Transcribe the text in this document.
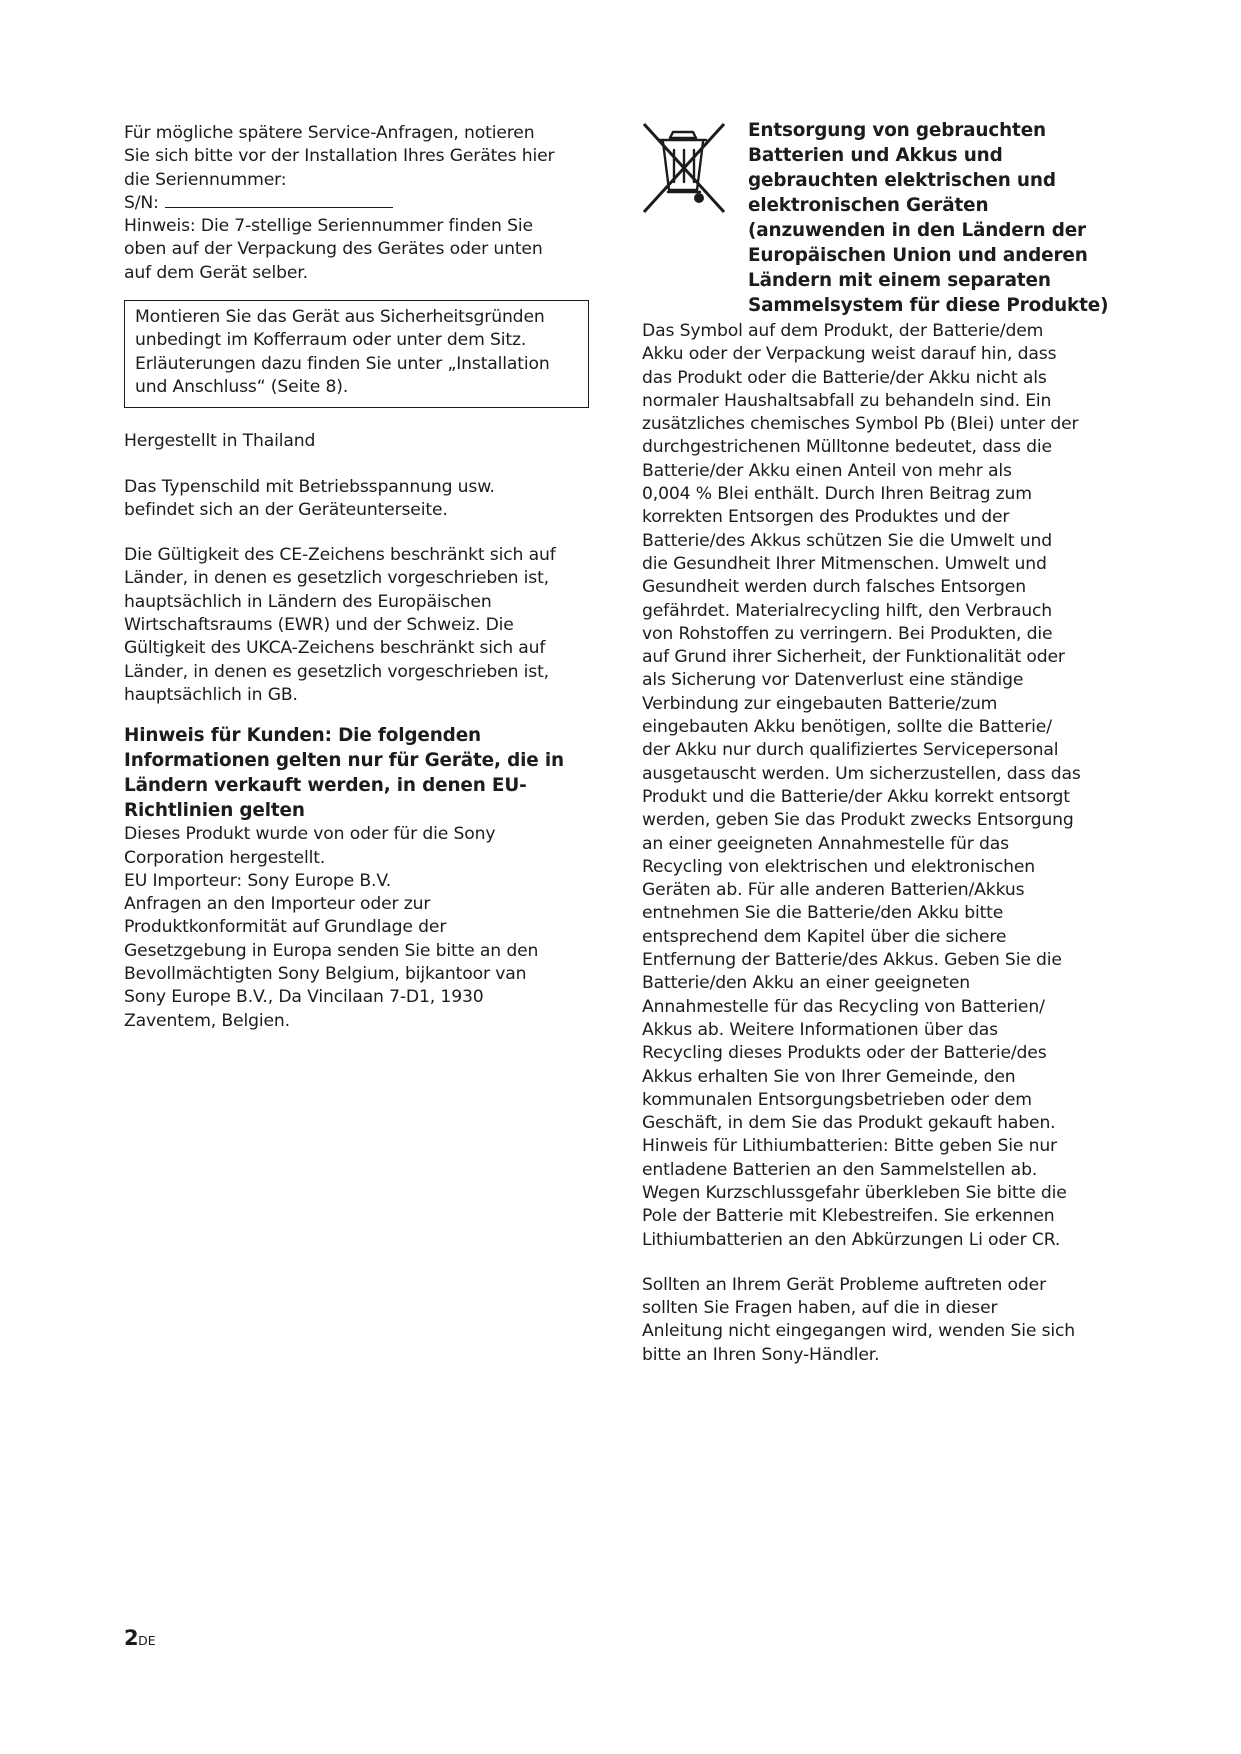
Für mögliche spätere Service-Anfragen, notieren
Sie sich bitte vor der Installation Ihres Gerätes hier
die Seriennummer:
S/N:
Hinweis: Die 7-stellige Seriennummer finden Sie
oben auf der Verpackung des Gerätes oder unten
auf dem Gerät selber.
Montieren Sie das Gerät aus Sicherheitsgründen
unbedingt im Kofferraum oder unter dem Sitz.
Erläuterungen dazu finden Sie unter „Installation
und Anschluss“ (Seite 8).
Hergestellt in Thailand
Das Typenschild mit Betriebsspannung usw.
befindet sich an der Geräteunterseite.
Die Gültigkeit des CE-Zeichens beschränkt sich auf
Länder, in denen es gesetzlich vorgeschrieben ist,
hauptsächlich in Ländern des Europäischen
Wirtschaftsraums (EWR) und der Schweiz. Die
Gültigkeit des UKCA-Zeichens beschränkt sich auf
Länder, in denen es gesetzlich vorgeschrieben ist,
hauptsächlich in GB.
Hinweis für Kunden: Die folgenden
Informationen gelten nur für Geräte, die in
Ländern verkauft werden, in denen EU-
Richtlinien gelten
Dieses Produkt wurde von oder für die Sony
Corporation hergestellt.
EU Importeur: Sony Europe B.V.
Anfragen an den Importeur oder zur
Produktkonformität auf Grundlage der
Gesetzgebung in Europa senden Sie bitte an den
Bevollmächtigten Sony Belgium, bijkantoor van
Sony Europe B.V., Da Vincilaan 7-D1, 1930
Zaventem, Belgien.
Entsorgung von gebrauchten
Batterien und Akkus und
gebrauchten elektrischen und
elektronischen Geräten
(anzuwenden in den Ländern der
Europäischen Union und anderen
Ländern mit einem separaten
Sammelsystem für diese Produkte)
Das Symbol auf dem Produkt, der Batterie/dem
Akku oder der Verpackung weist darauf hin, dass
das Produkt oder die Batterie/der Akku nicht als
normaler Haushaltsabfall zu behandeln sind. Ein
zusätzliches chemisches Symbol Pb (Blei) unter der
durchgestrichenen Mülltonne bedeutet, dass die
Batterie/der Akku einen Anteil von mehr als
0,004 % Blei enthält. Durch Ihren Beitrag zum
korrekten Entsorgen des Produktes und der
Batterie/des Akkus schützen Sie die Umwelt und
die Gesundheit Ihrer Mitmenschen. Umwelt und
Gesundheit werden durch falsches Entsorgen
gefährdet. Materialrecycling hilft, den Verbrauch
von Rohstoffen zu verringern. Bei Produkten, die
auf Grund ihrer Sicherheit, der Funktionalität oder
als Sicherung vor Datenverlust eine ständige
Verbindung zur eingebauten Batterie/zum
eingebauten Akku benötigen, sollte die Batterie/
der Akku nur durch qualifiziertes Servicepersonal
ausgetauscht werden. Um sicherzustellen, dass das
Produkt und die Batterie/der Akku korrekt entsorgt
werden, geben Sie das Produkt zwecks Entsorgung
an einer geeigneten Annahmestelle für das
Recycling von elektrischen und elektronischen
Geräten ab. Für alle anderen Batterien/Akkus
entnehmen Sie die Batterie/den Akku bitte
entsprechend dem Kapitel über die sichere
Entfernung der Batterie/des Akkus. Geben Sie die
Batterie/den Akku an einer geeigneten
Annahmestelle für das Recycling von Batterien/
Akkus ab. Weitere Informationen über das
Recycling dieses Produkts oder der Batterie/des
Akkus erhalten Sie von Ihrer Gemeinde, den
kommunalen Entsorgungsbetrieben oder dem
Geschäft, in dem Sie das Produkt gekauft haben.
Hinweis für Lithiumbatterien: Bitte geben Sie nur
entladene Batterien an den Sammelstellen ab.
Wegen Kurzschlussgefahr überkleben Sie bitte die
Pole der Batterie mit Klebestreifen. Sie erkennen
Lithiumbatterien an den Abkürzungen Li oder CR.
Sollten an Ihrem Gerät Probleme auftreten oder
sollten Sie Fragen haben, auf die in dieser
Anleitung nicht eingegangen wird, wenden Sie sich
bitte an Ihren Sony-Händler.
2DE
